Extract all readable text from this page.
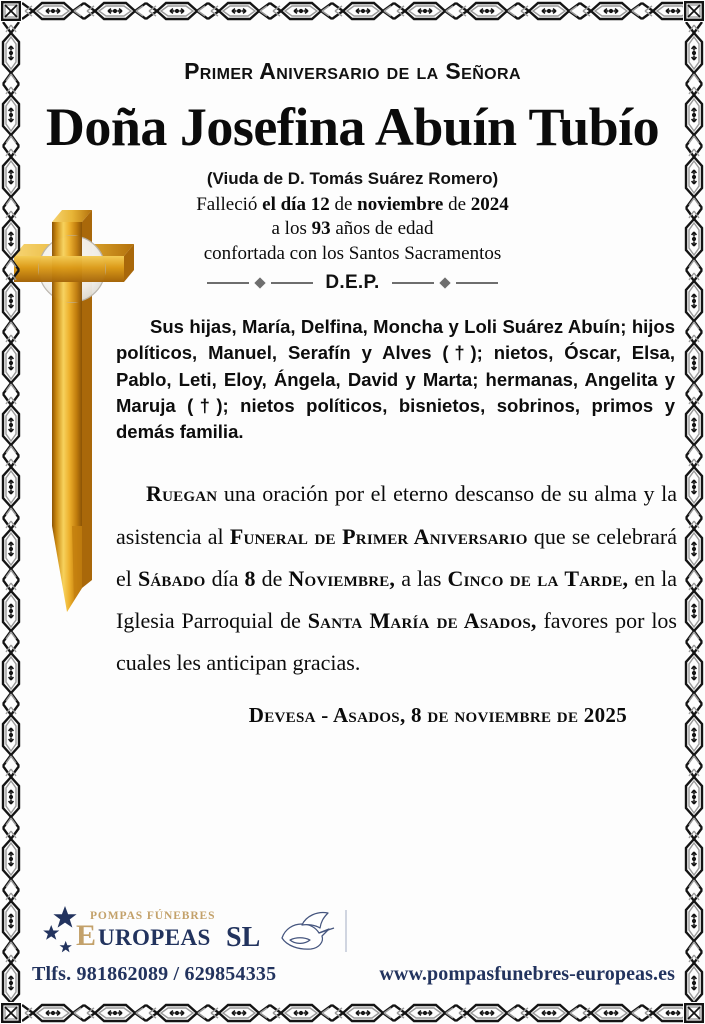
Primer Aniversario de la Señora
Doña Josefina Abuín Tubío
(Viuda de D. Tomás Suárez Romero)
Falleció el día 12 de noviembre de 2024
a los 93 años de edad
confortada con los Santos Sacramentos
D.E.P.
Sus hijas, María, Delfina, Moncha y Loli Suárez Abuín; hijos políticos, Manuel, Serafín y Alves (†); nietos, Óscar, Elsa, Pablo, Leti, Eloy, Ángela, David y Marta; hermanas, Angelita y Maruja (†); nietos políticos, bisnietos, sobrinos, primos y demás familia.
Ruegan una oración por el eterno descanso de su alma y la asistencia al Funeral de Primer Aniversario que se celebrará el Sábado día 8 de Noviembre, a las Cinco de la Tarde, en la Iglesia Parroquial de Santa María de Asados, favores por los cuales les anticipan gracias.
Devesa - Asados, 8 de noviembre de 2025
POMPAS FÚNEBRES
E UROPEAS SL
Tlfs. 981862089 / 629854335	www.pompasfunebres-europeas.es
